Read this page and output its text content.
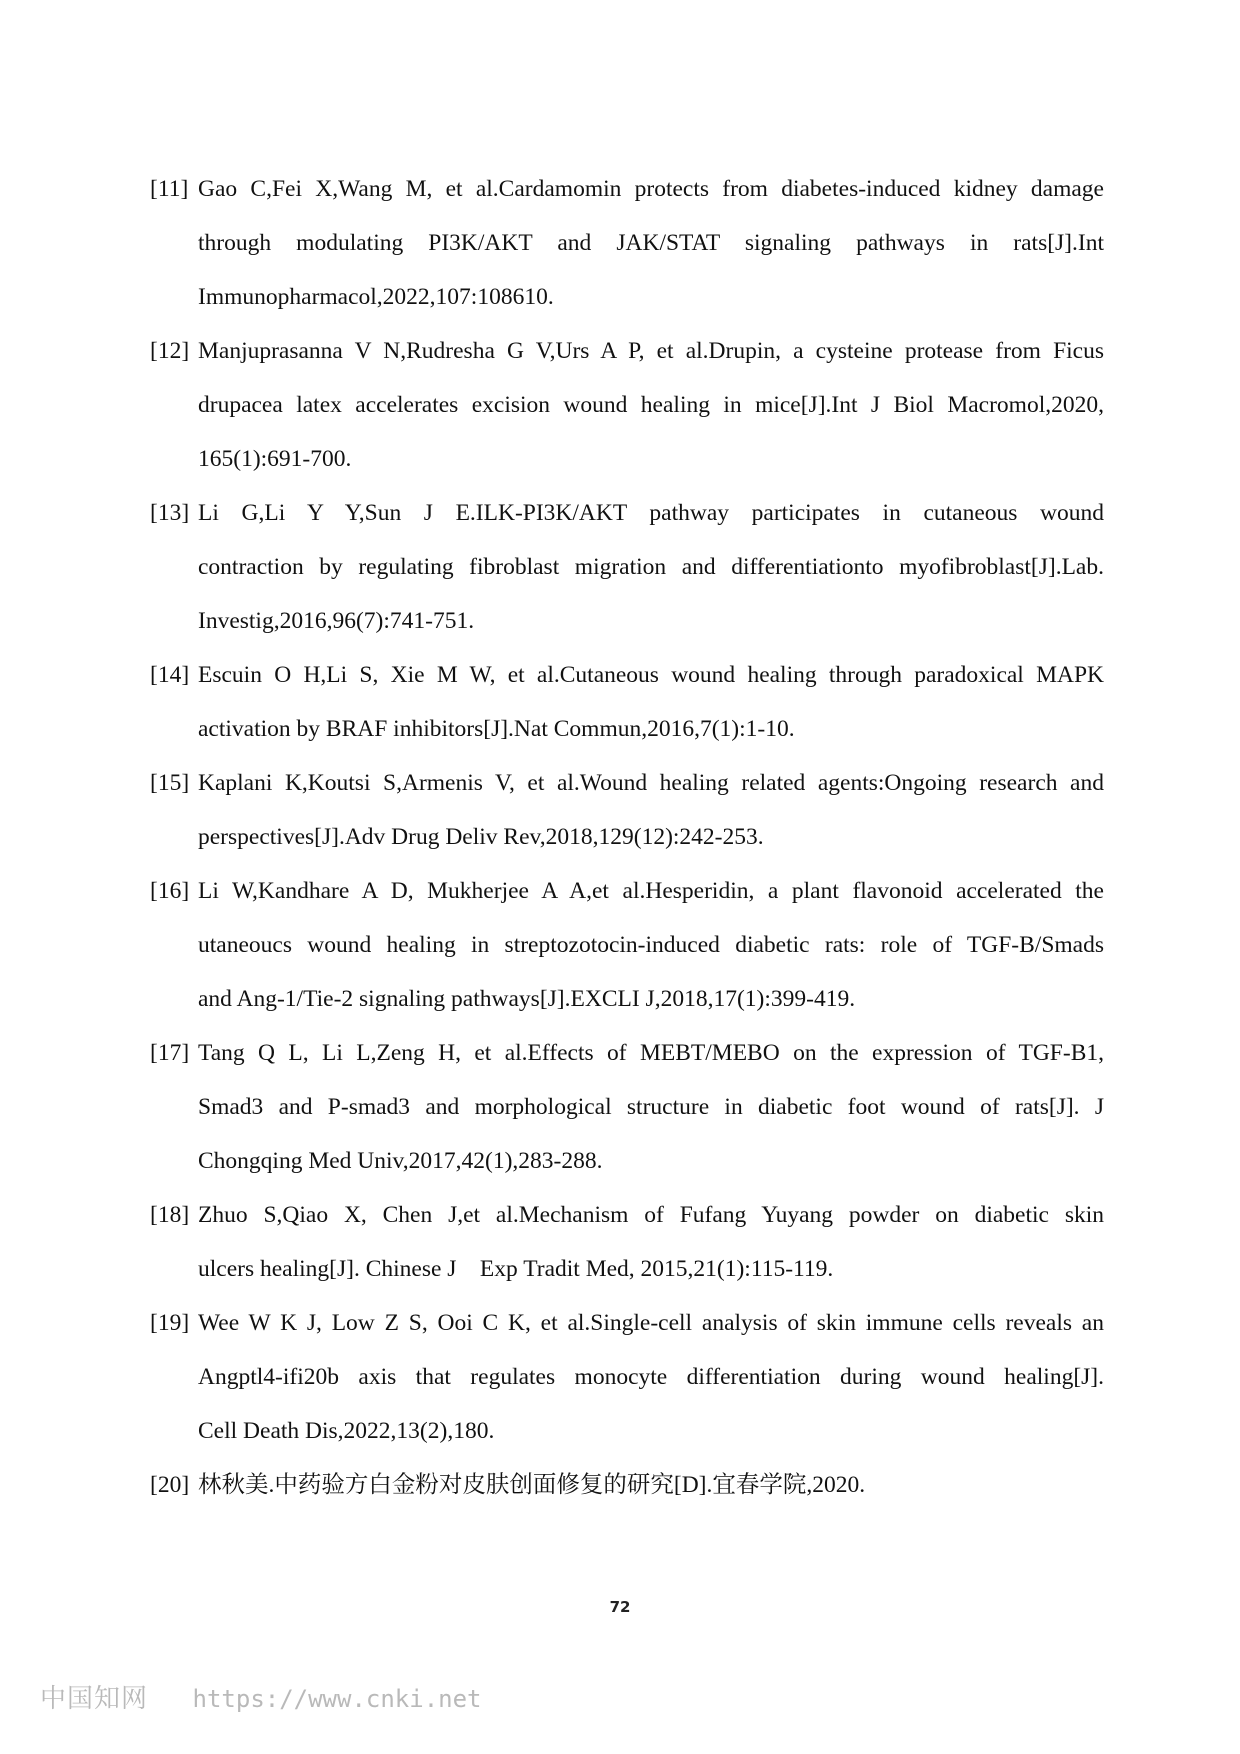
[11] Gao C,Fei X,Wang M, et al.Cardamomin protects from diabetes-induced kidney damage
through modulating PI3K/AKT and JAK/STAT signaling pathways in rats[J].Int
Immunopharmacol,2022,107:108610.
[12] Manjuprasanna V N,Rudresha G V,Urs A P, et al.Drupin, a cysteine protease from Ficus
drupacea latex accelerates excision wound healing in mice[J].Int J Biol Macromol,2020,
165(1):691-700.
[13] Li G,Li Y Y,Sun J E.ILK-PI3K/AKT pathway participates in cutaneous wound
contraction by regulating fibroblast migration and differentiationto myofibroblast[J].Lab.
Investig,2016,96(7):741-751.
[14] Escuin O H,Li S, Xie M W, et al.Cutaneous wound healing through paradoxical MAPK
activation by BRAF inhibitors[J].Nat Commun,2016,7(1):1-10.
[15] Kaplani K,Koutsi S,Armenis V, et al.Wound healing related agents:Ongoing research and
perspectives[J].Adv Drug Deliv Rev,2018,129(12):242-253.
[16] Li W,Kandhare A D, Mukherjee A A,et al.Hesperidin, a plant flavonoid accelerated the
utaneoucs wound healing in streptozotocin-induced diabetic rats: role of TGF-B/Smads
and Ang-1/Tie-2 signaling pathways[J].EXCLI J,2018,17(1):399-419.
[17] Tang Q L, Li L,Zeng H, et al.Effects of MEBT/MEBO on the expression of TGF-B1,
Smad3 and P-smad3 and morphological structure in diabetic foot wound of rats[J]. J
Chongqing Med Univ,2017,42(1),283-288.
[18] Zhuo S,Qiao X, Chen J,et al.Mechanism of Fufang Yuyang powder on diabetic skin
ulcers healing[J]. Chinese J　Exp Tradit Med, 2015,21(1):115-119.
[19] Wee W K J, Low Z S, Ooi C K, et al.Single-cell analysis of skin immune cells reveals an
Angptl4-ifi20b axis that regulates monocyte differentiation during wound healing[J].
Cell Death Dis,2022,13(2),180.
[20] 林秋美.中药验方白金粉对皮肤创面修复的研究[D].宜春学院,2020.
72
中国知网 https://www.cnki.net
